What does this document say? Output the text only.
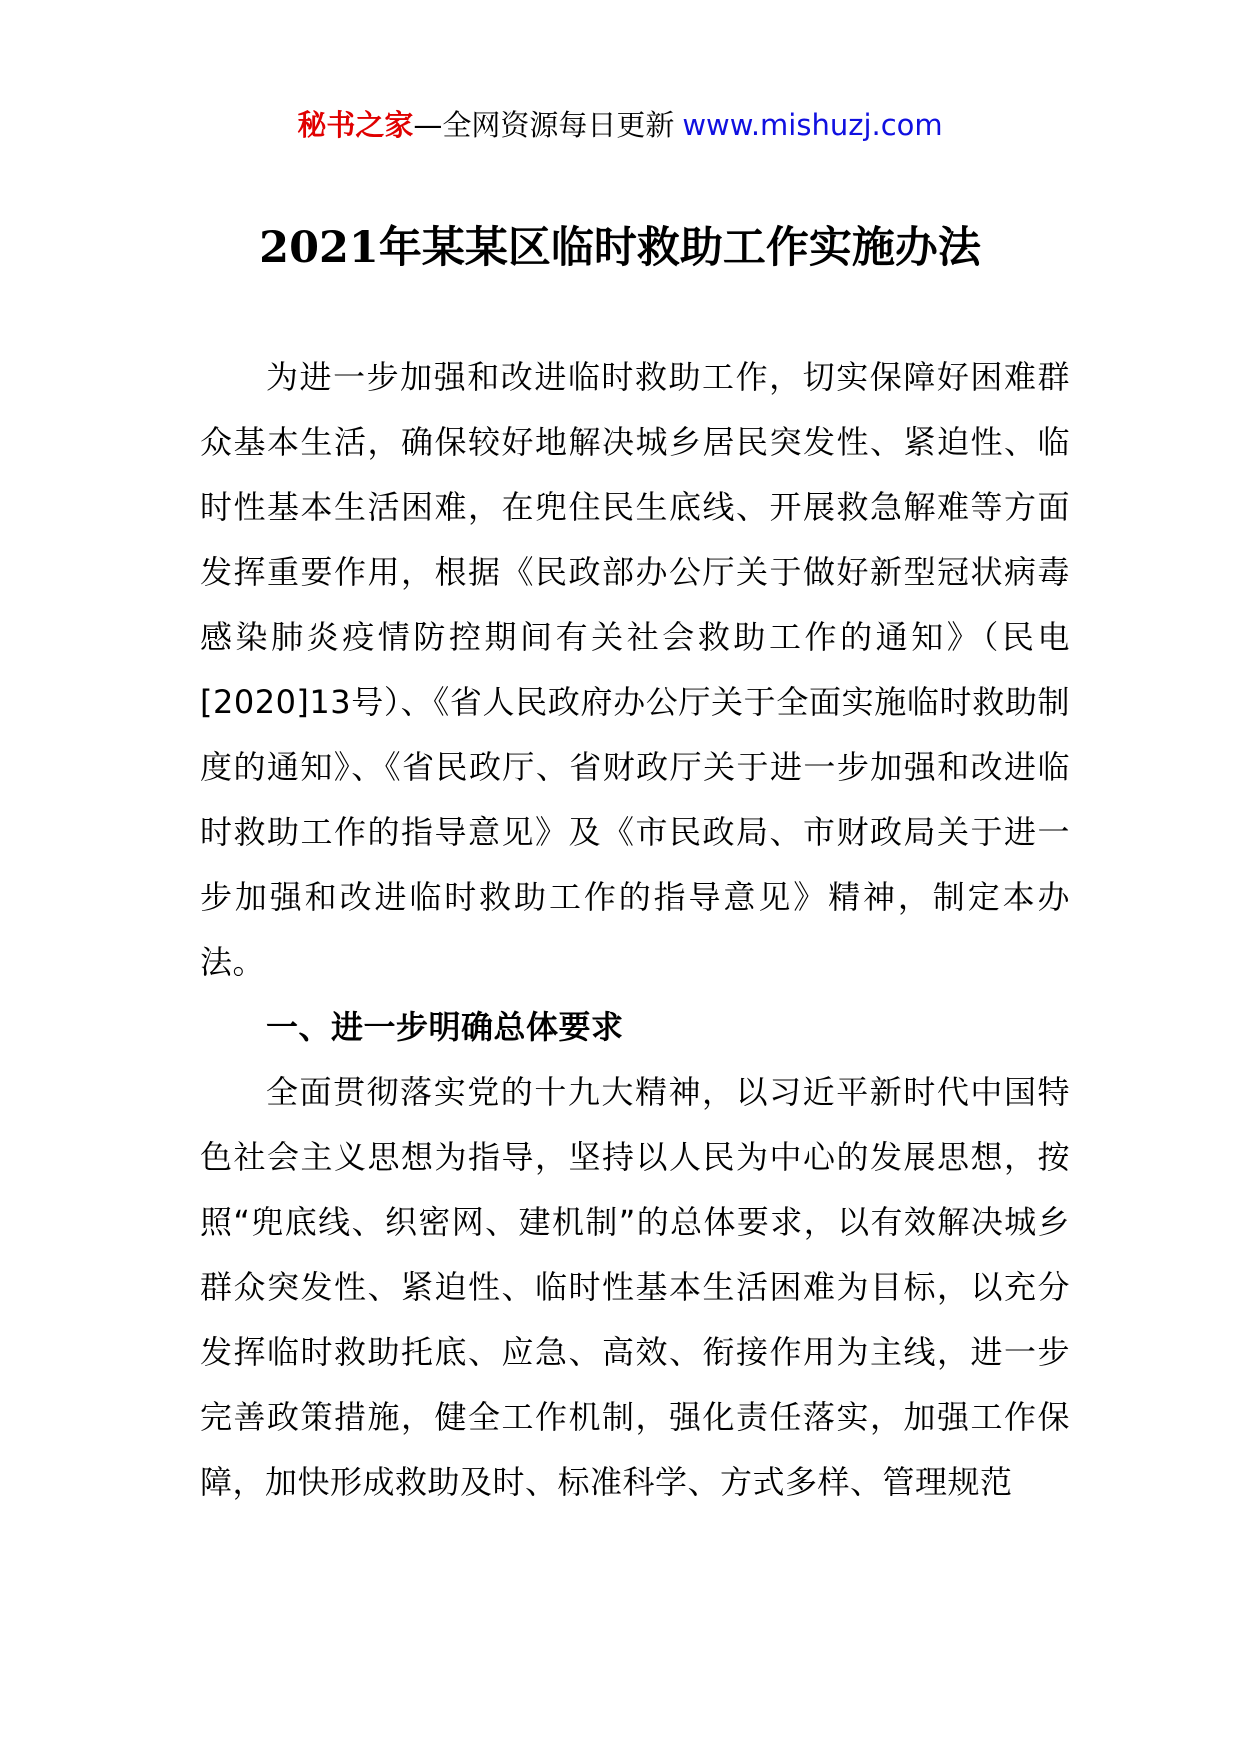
秘书之家—全网资源每日更新 www.mishuzj.com
2021年某某区临时救助工作实施办法

为进一步加强和改进临时救助工作，切实保障好困难群众基本生活，确保较好地解决城乡居民突发性、紧迫性、临时性基本生活困难，在兜住民生底线、开展救急解难等方面发挥重要作用，根据《民政部办公厅关于做好新型冠状病毒感染肺炎疫情防控期间有关社会救助工作的通知》（民电[2020]13号）、《省人民政府办公厅关于全面实施临时救助制度的通知》、《省民政厅、省财政厅关于进一步加强和改进临时救助工作的指导意见》及《市民政局、市财政局关于进一步加强和改进临时救助工作的指导意见》精神，制定本办法。

一、进一步明确总体要求

全面贯彻落实党的十九大精神，以习近平新时代中国特色社会主义思想为指导，坚持以人民为中心的发展思想，按照“兜底线、织密网、建机制”的总体要求，以有效解决城乡群众突发性、紧迫性、临时性基本生活困难为目标，以充分发挥临时救助托底、应急、高效、衔接作用为主线，进一步完善政策措施，健全工作机制，强化责任落实，加强工作保障，加快形成救助及时、标准科学、方式多样、管理规范
